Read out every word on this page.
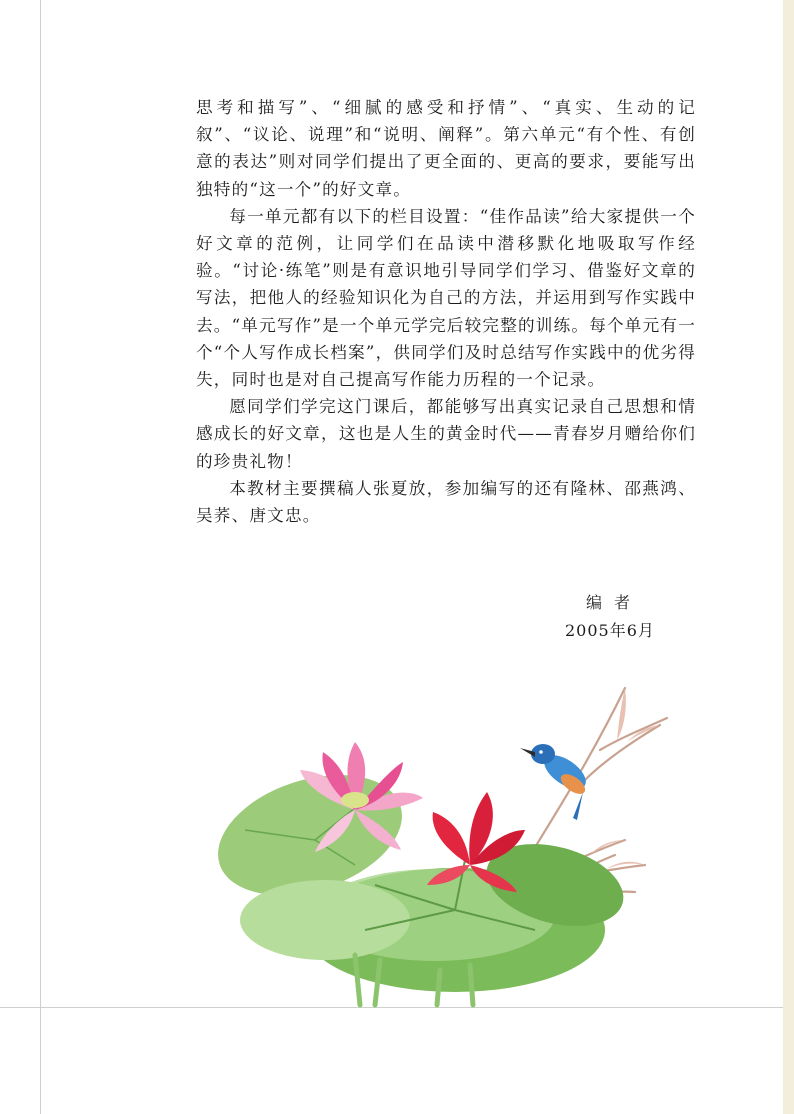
思考和描写”、“细腻的感受和抒情”、“真实、生动的记叙”、“议论、说理”和“说明、阐释”。第六单元“有个性、有创意的表达”则对同学们提出了更全面的、更高的要求，要能写出独特的“这一个”的好文章。

每一单元都有以下的栏目设置：“佳作品读”给大家提供一个好文章的范例，让同学们在品读中潜移默化地吸取写作经验。“讨论·练笔”则是有意识地引导同学们学习、借鉴好文章的写法，把他人的经验知识化为自己的方法，并运用到写作实践中去。“单元写作”是一个单元学完后较完整的训练。每个单元有一个“个人写作成长档案”，供同学们及时总结写作实践中的优劣得失，同时也是对自己提高写作能力历程的一个记录。

愿同学们学完这门课后，都能够写出真实记录自己思想和情感成长的好文章，这也是人生的黄金时代——青春岁月赠给你们的珍贵礼物！

本教材主要撰稿人张夏放，参加编写的还有隆林、邵燕鸿、吴荞、唐文忠。

编者
2005年6月
